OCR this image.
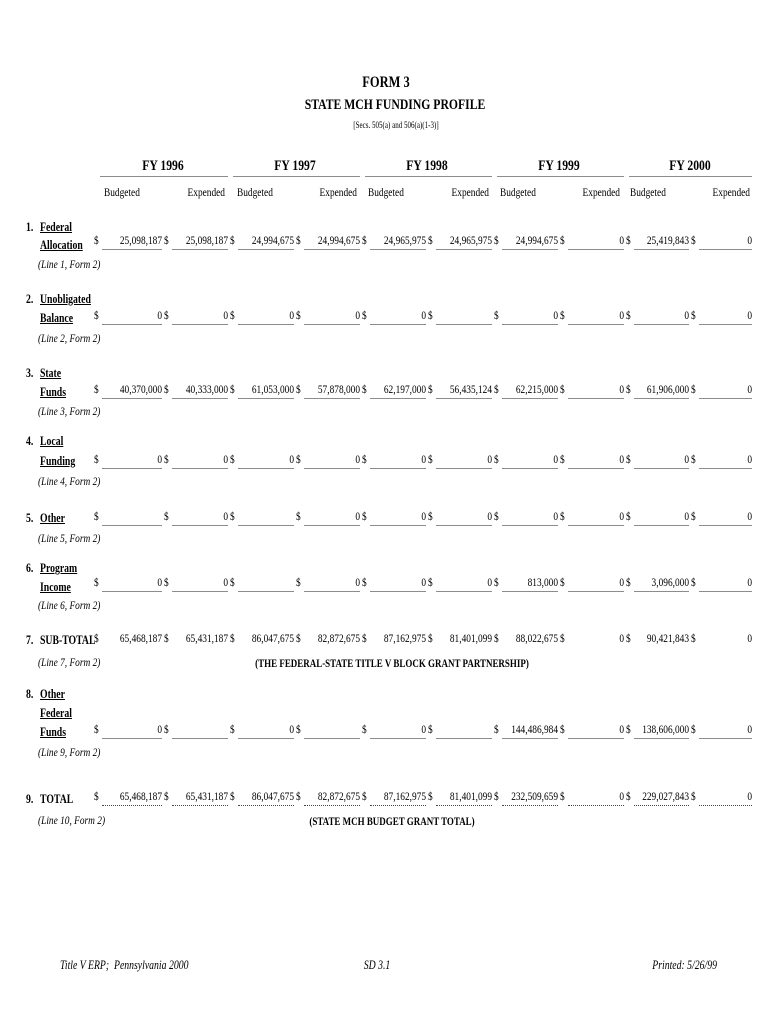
FORM 3
STATE MCH FUNDING PROFILE
[Secs. 505(a) and 506(a)(1-3)]
FY 1996
Budgeted	Expended
FY 1997
Budgeted	Expended
FY 1998
Budgeted	Expended
FY 1999
Budgeted	Expended
FY 2000
Budgeted	Expended
1. Federal
Allocation
(Line 1, Form 2)
$ 25,098,187 $ 25,098,187 $ 24,994,675 $ 24,994,675 $ 24,965,975 $ 24,965,975 $ 24,994,675 $	0 $ 25,419,843 $	0
2. Unobligated
Balance
(Line 2, Form 2)
$	0 $	0 $	0 $	0 $	0 $	$	0 $	0 $	0 $	0
3. State
Funds
(Line 3, Form 2)
$ 40,370,000 $ 40,333,000 $ 61,053,000 $ 57,878,000 $ 62,197,000 $ 56,435,124 $ 62,215,000 $	0 $ 61,906,000 $	0
4. Local
Funding
(Line 4, Form 2)
$	0 $	0 $	0 $	0 $	0 $	0 $	0 $	0 $	0 $	0
5. Other
(Line 5, Form 2)
$	$	0 $	$	0 $	0 $	0 $	0 $	0 $	0 $	0
6. Program
Income
(Line 6, Form 2)
$	0 $	0 $	$	0 $	0 $	0 $ 813,000 $	0 $ 3,096,000 $	0
7. SUB-TOTAL
(Line 7, Form 2)
$ 65,468,187 $ 65,431,187 $ 86,047,675 $ 82,872,675 $ 87,162,975 $ 81,401,099 $ 88,022,675 $	0 $ 90,421,843 $	0
(THE FEDERAL-STATE TITLE V BLOCK GRANT PARTNERSHIP)
8. Other
Federal
Funds
(Line 9, Form 2)
$	0 $	$	0 $	$	0 $	$ 144,486,984 $	0 $ 138,606,000 $	0
9. TOTAL
(Line 10, Form 2)
$ 65,468,187 $ 65,431,187 $ 86,047,675 $ 82,872,675 $ 87,162,975 $ 81,401,099 $ 232,509,659 $	0 $ 229,027,843 $	0
(STATE MCH BUDGET GRANT TOTAL)
Title V ERP;  Pennsylvania 2000	SD 3.1	Printed: 5/26/99
